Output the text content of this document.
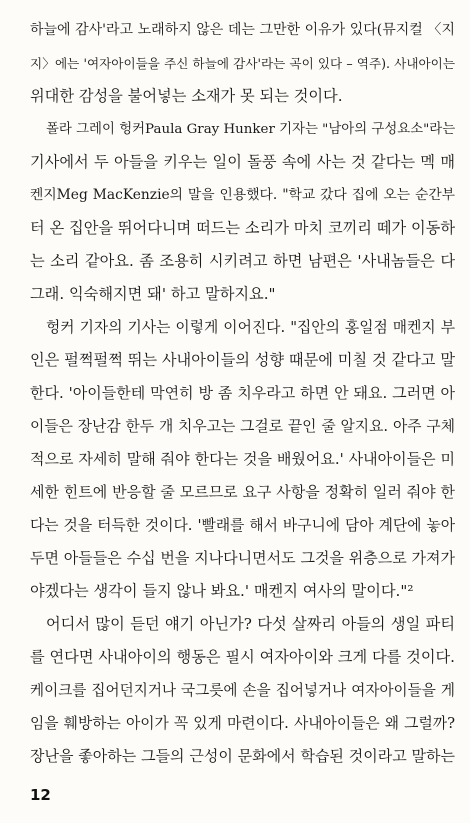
하늘에 감사'라고 노래하지 않은 데는 그만한 이유가 있다(뮤지컬 〈지
지〉에는 '여자아이들을 주신 하늘에 감사'라는 곡이 있다 – 역주). 사내아이는
위대한 감성을 불어넣는 소재가 못 되는 것이다.
폴라 그레이 헝커Paula Gray Hunker 기자는 "남아의 구성요소"라는
기사에서 두 아들을 키우는 일이 돌풍 속에 사는 것 같다는 멕 매
켄지Meg MacKenzie의 말을 인용했다. "학교 갔다 집에 오는 순간부
터 온 집안을 뛰어다니며 떠드는 소리가 마치 코끼리 떼가 이동하
는 소리 같아요. 좀 조용히 시키려고 하면 남편은 '사내놈들은 다
그래. 익숙해지면 돼' 하고 말하지요."
헝커 기자의 기사는 이렇게 이어진다. "집안의 홍일점 매켄지 부
인은 펄쩍펄쩍 뛰는 사내아이들의 성향 때문에 미칠 것 같다고 말
한다. '아이들한테 막연히 방 좀 치우라고 하면 안 돼요. 그러면 아
이들은 장난감 한두 개 치우고는 그걸로 끝인 줄 알지요. 아주 구체
적으로 자세히 말해 줘야 한다는 것을 배웠어요.' 사내아이들은 미
세한 힌트에 반응할 줄 모르므로 요구 사항을 정확히 일러 줘야 한
다는 것을 터득한 것이다. '빨래를 해서 바구니에 담아 계단에 놓아
두면 아들들은 수십 번을 지나다니면서도 그것을 위층으로 가져가
야겠다는 생각이 들지 않나 봐요.' 매켄지 여사의 말이다."²
어디서 많이 듣던 얘기 아닌가? 다섯 살짜리 아들의 생일 파티
를 연다면 사내아이의 행동은 필시 여자아이와 크게 다를 것이다.
케이크를 집어던지거나 국그릇에 손을 집어넣거나 여자아이들을 게
임을 훼방하는 아이가 꼭 있게 마련이다. 사내아이들은 왜 그럴까?
장난을 좋아하는 그들의 근성이 문화에서 학습된 것이라고 말하는
12
